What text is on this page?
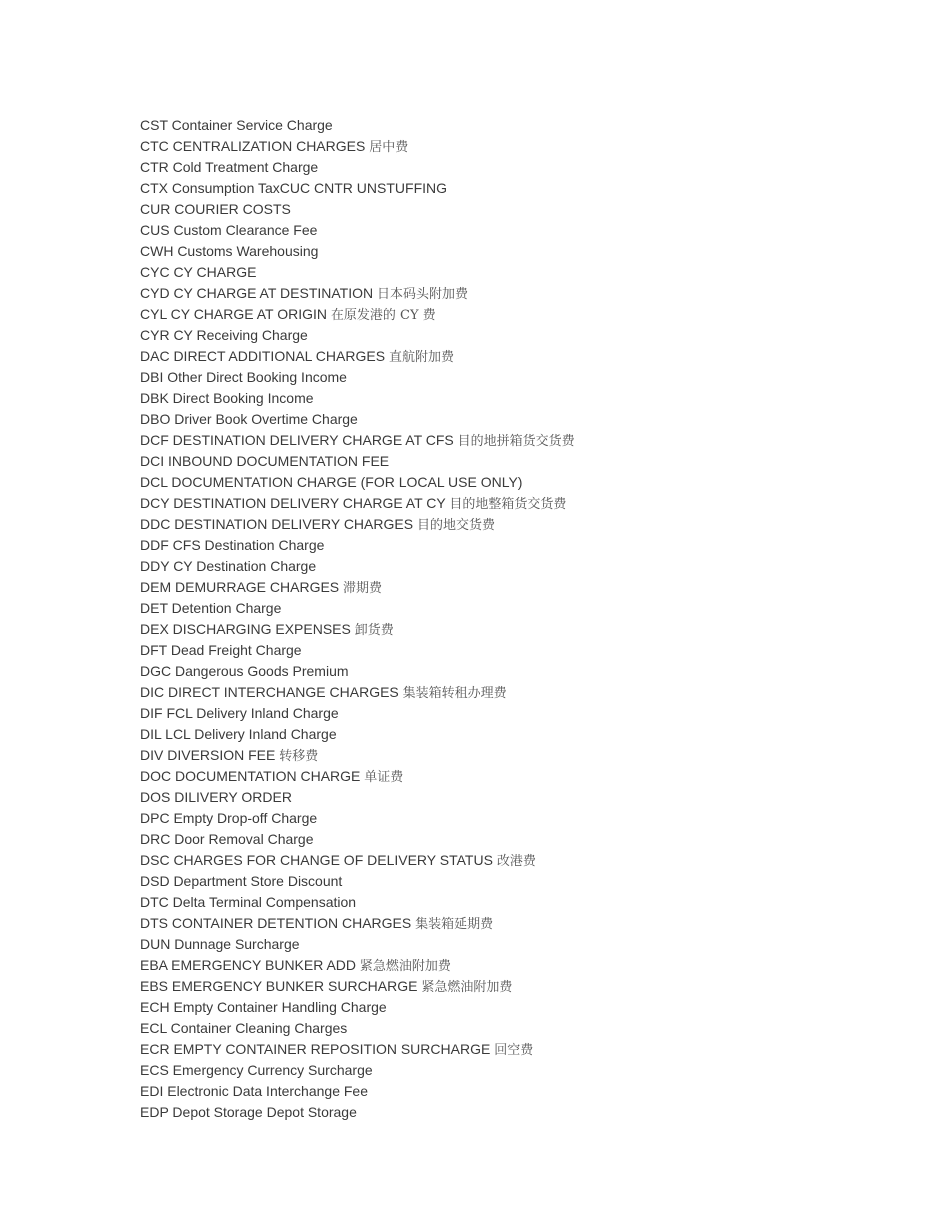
CST Container Service Charge
CTC CENTRALIZATION CHARGES 居中费
CTR Cold Treatment Charge
CTX Consumption TaxCUC CNTR UNSTUFFING
CUR COURIER COSTS
CUS Custom Clearance Fee
CWH Customs Warehousing
CYC CY CHARGE
CYD CY CHARGE AT DESTINATION 日本码头附加费
CYL CY CHARGE AT ORIGIN 在原发港的 CY 费
CYR CY Receiving Charge
DAC DIRECT ADDITIONAL CHARGES 直航附加费
DBI Other Direct Booking Income
DBK Direct Booking Income
DBO Driver Book Overtime Charge
DCF DESTINATION DELIVERY CHARGE AT CFS 目的地拼箱货交货费
DCI INBOUND DOCUMENTATION FEE
DCL DOCUMENTATION CHARGE (FOR LOCAL USE ONLY)
DCY DESTINATION DELIVERY CHARGE AT CY 目的地整箱货交货费
DDC DESTINATION DELIVERY CHARGES 目的地交货费
DDF CFS Destination Charge
DDY CY Destination Charge
DEM DEMURRAGE CHARGES 滞期费
DET Detention Charge
DEX DISCHARGING EXPENSES 卸货费
DFT Dead Freight Charge
DGC Dangerous Goods Premium
DIC DIRECT INTERCHANGE CHARGES 集装箱转租办理费
DIF FCL Delivery Inland Charge
DIL LCL Delivery Inland Charge
DIV DIVERSION FEE 转移费
DOC DOCUMENTATION CHARGE 单证费
DOS DILIVERY ORDER
DPC Empty Drop-off Charge
DRC Door Removal Charge
DSC CHARGES FOR CHANGE OF DELIVERY STATUS 改港费
DSD Department Store Discount
DTC Delta Terminal Compensation
DTS CONTAINER DETENTION CHARGES 集装箱延期费
DUN Dunnage Surcharge
EBA EMERGENCY BUNKER ADD 紧急燃油附加费
EBS EMERGENCY BUNKER SURCHARGE 紧急燃油附加费
ECH Empty Container Handling Charge
ECL Container Cleaning Charges
ECR EMPTY CONTAINER REPOSITION SURCHARGE 回空费
ECS Emergency Currency Surcharge
EDI Electronic Data Interchange Fee
EDP Depot Storage Depot Storage
